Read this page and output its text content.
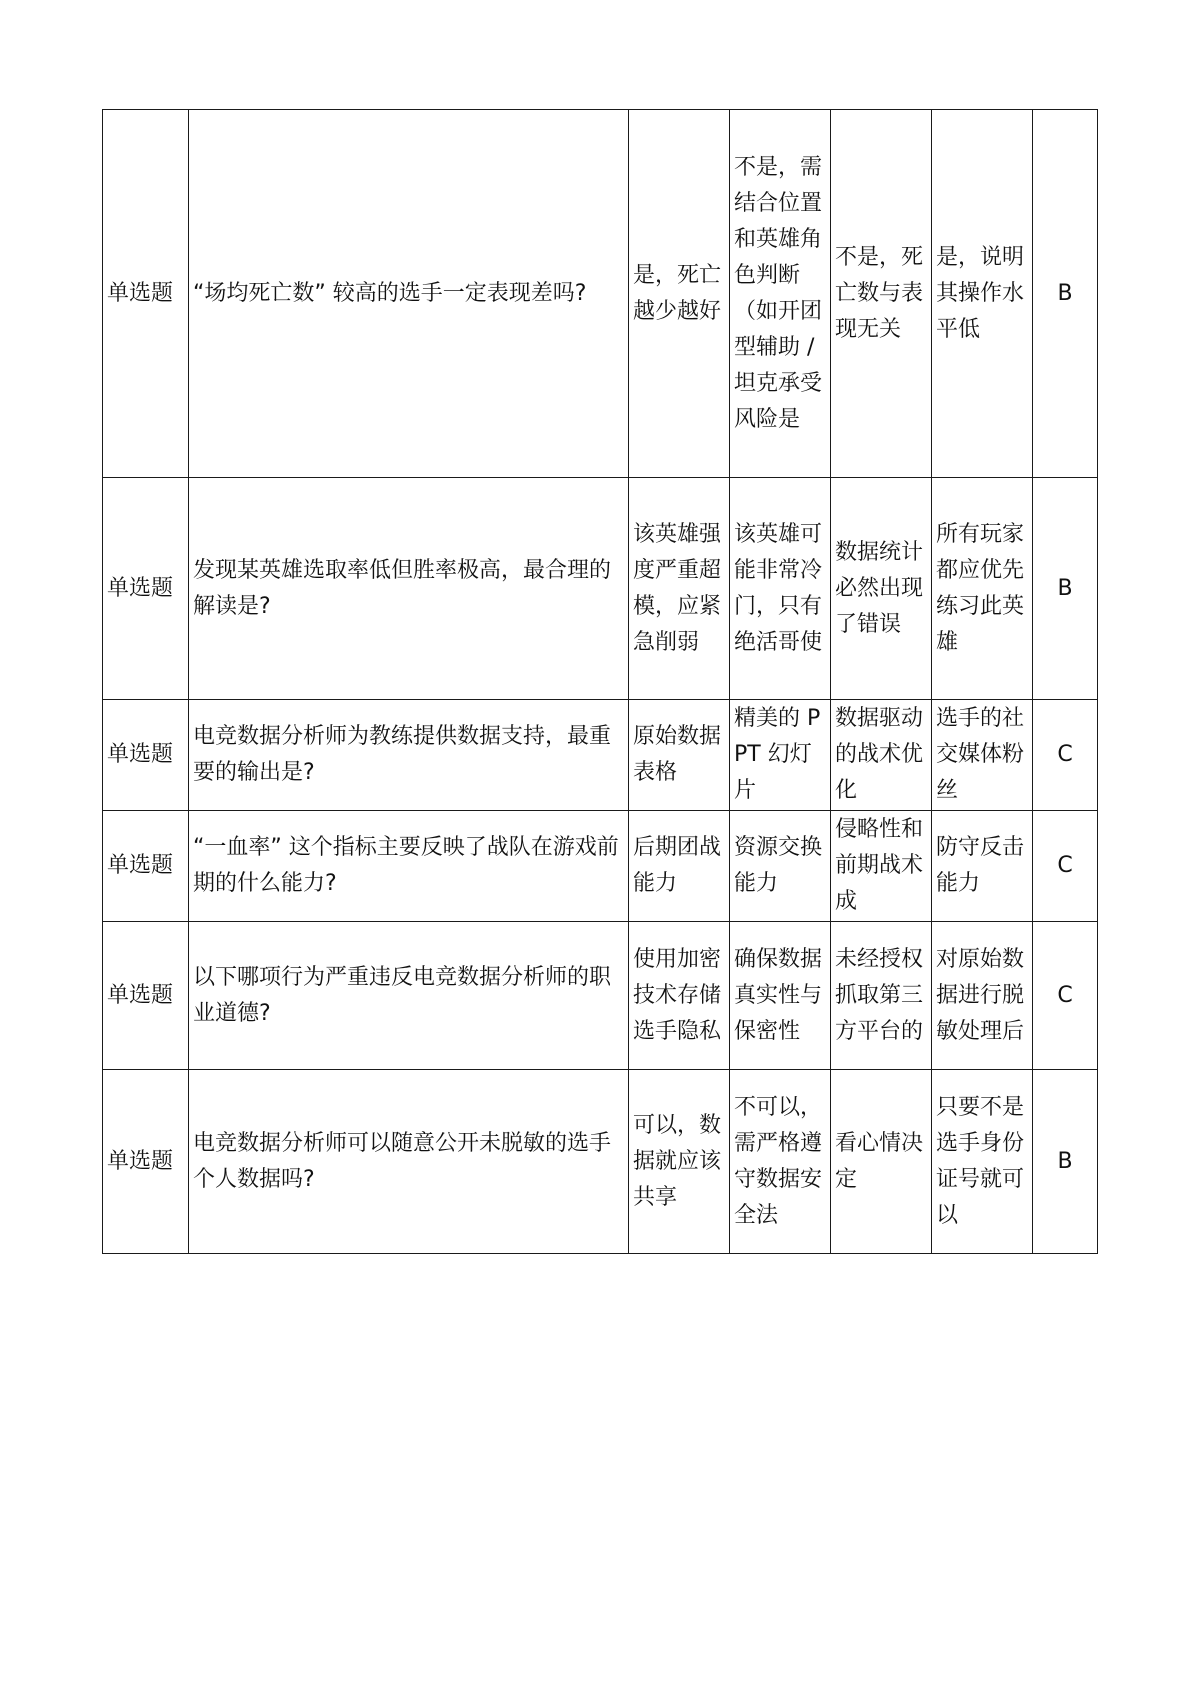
单选题	“场均死亡数” 较高的选手一定表现差吗?	是，死亡越少越好	不是，需结合位置和英雄角色判断（如开团型辅助 / 坦克承受风险是	不是，死亡数与表现无关	是，说明其操作水平低	B
单选题	发现某英雄选取率低但胜率极高，最合理的解读是?	该英雄强度严重超模，应紧急削弱	该英雄可能非常冷门，只有绝活哥使	数据统计必然出现了错误	所有玩家都应优先练习此英雄	B
单选题	电竞数据分析师为教练提供数据支持，最重要的输出是?	原始数据表格	精美的 PPT 幻灯片	数据驱动的战术优化	选手的社交媒体粉丝	C
单选题	“一血率” 这个指标主要反映了战队在游戏前期的什么能力?	后期团战能力	资源交换能力	侵略性和前期战术成	防守反击能力	C
单选题	以下哪项行为严重违反电竞数据分析师的职业道德?	使用加密技术存储选手隐私	确保数据真实性与保密性	未经授权抓取第三方平台的	对原始数据进行脱敏处理后	C
单选题	电竞数据分析师可以随意公开未脱敏的选手个人数据吗?	可以，数据就应该共享	不可以，需严格遵守数据安全法	看心情决定	只要不是选手身份证号就可以	B
